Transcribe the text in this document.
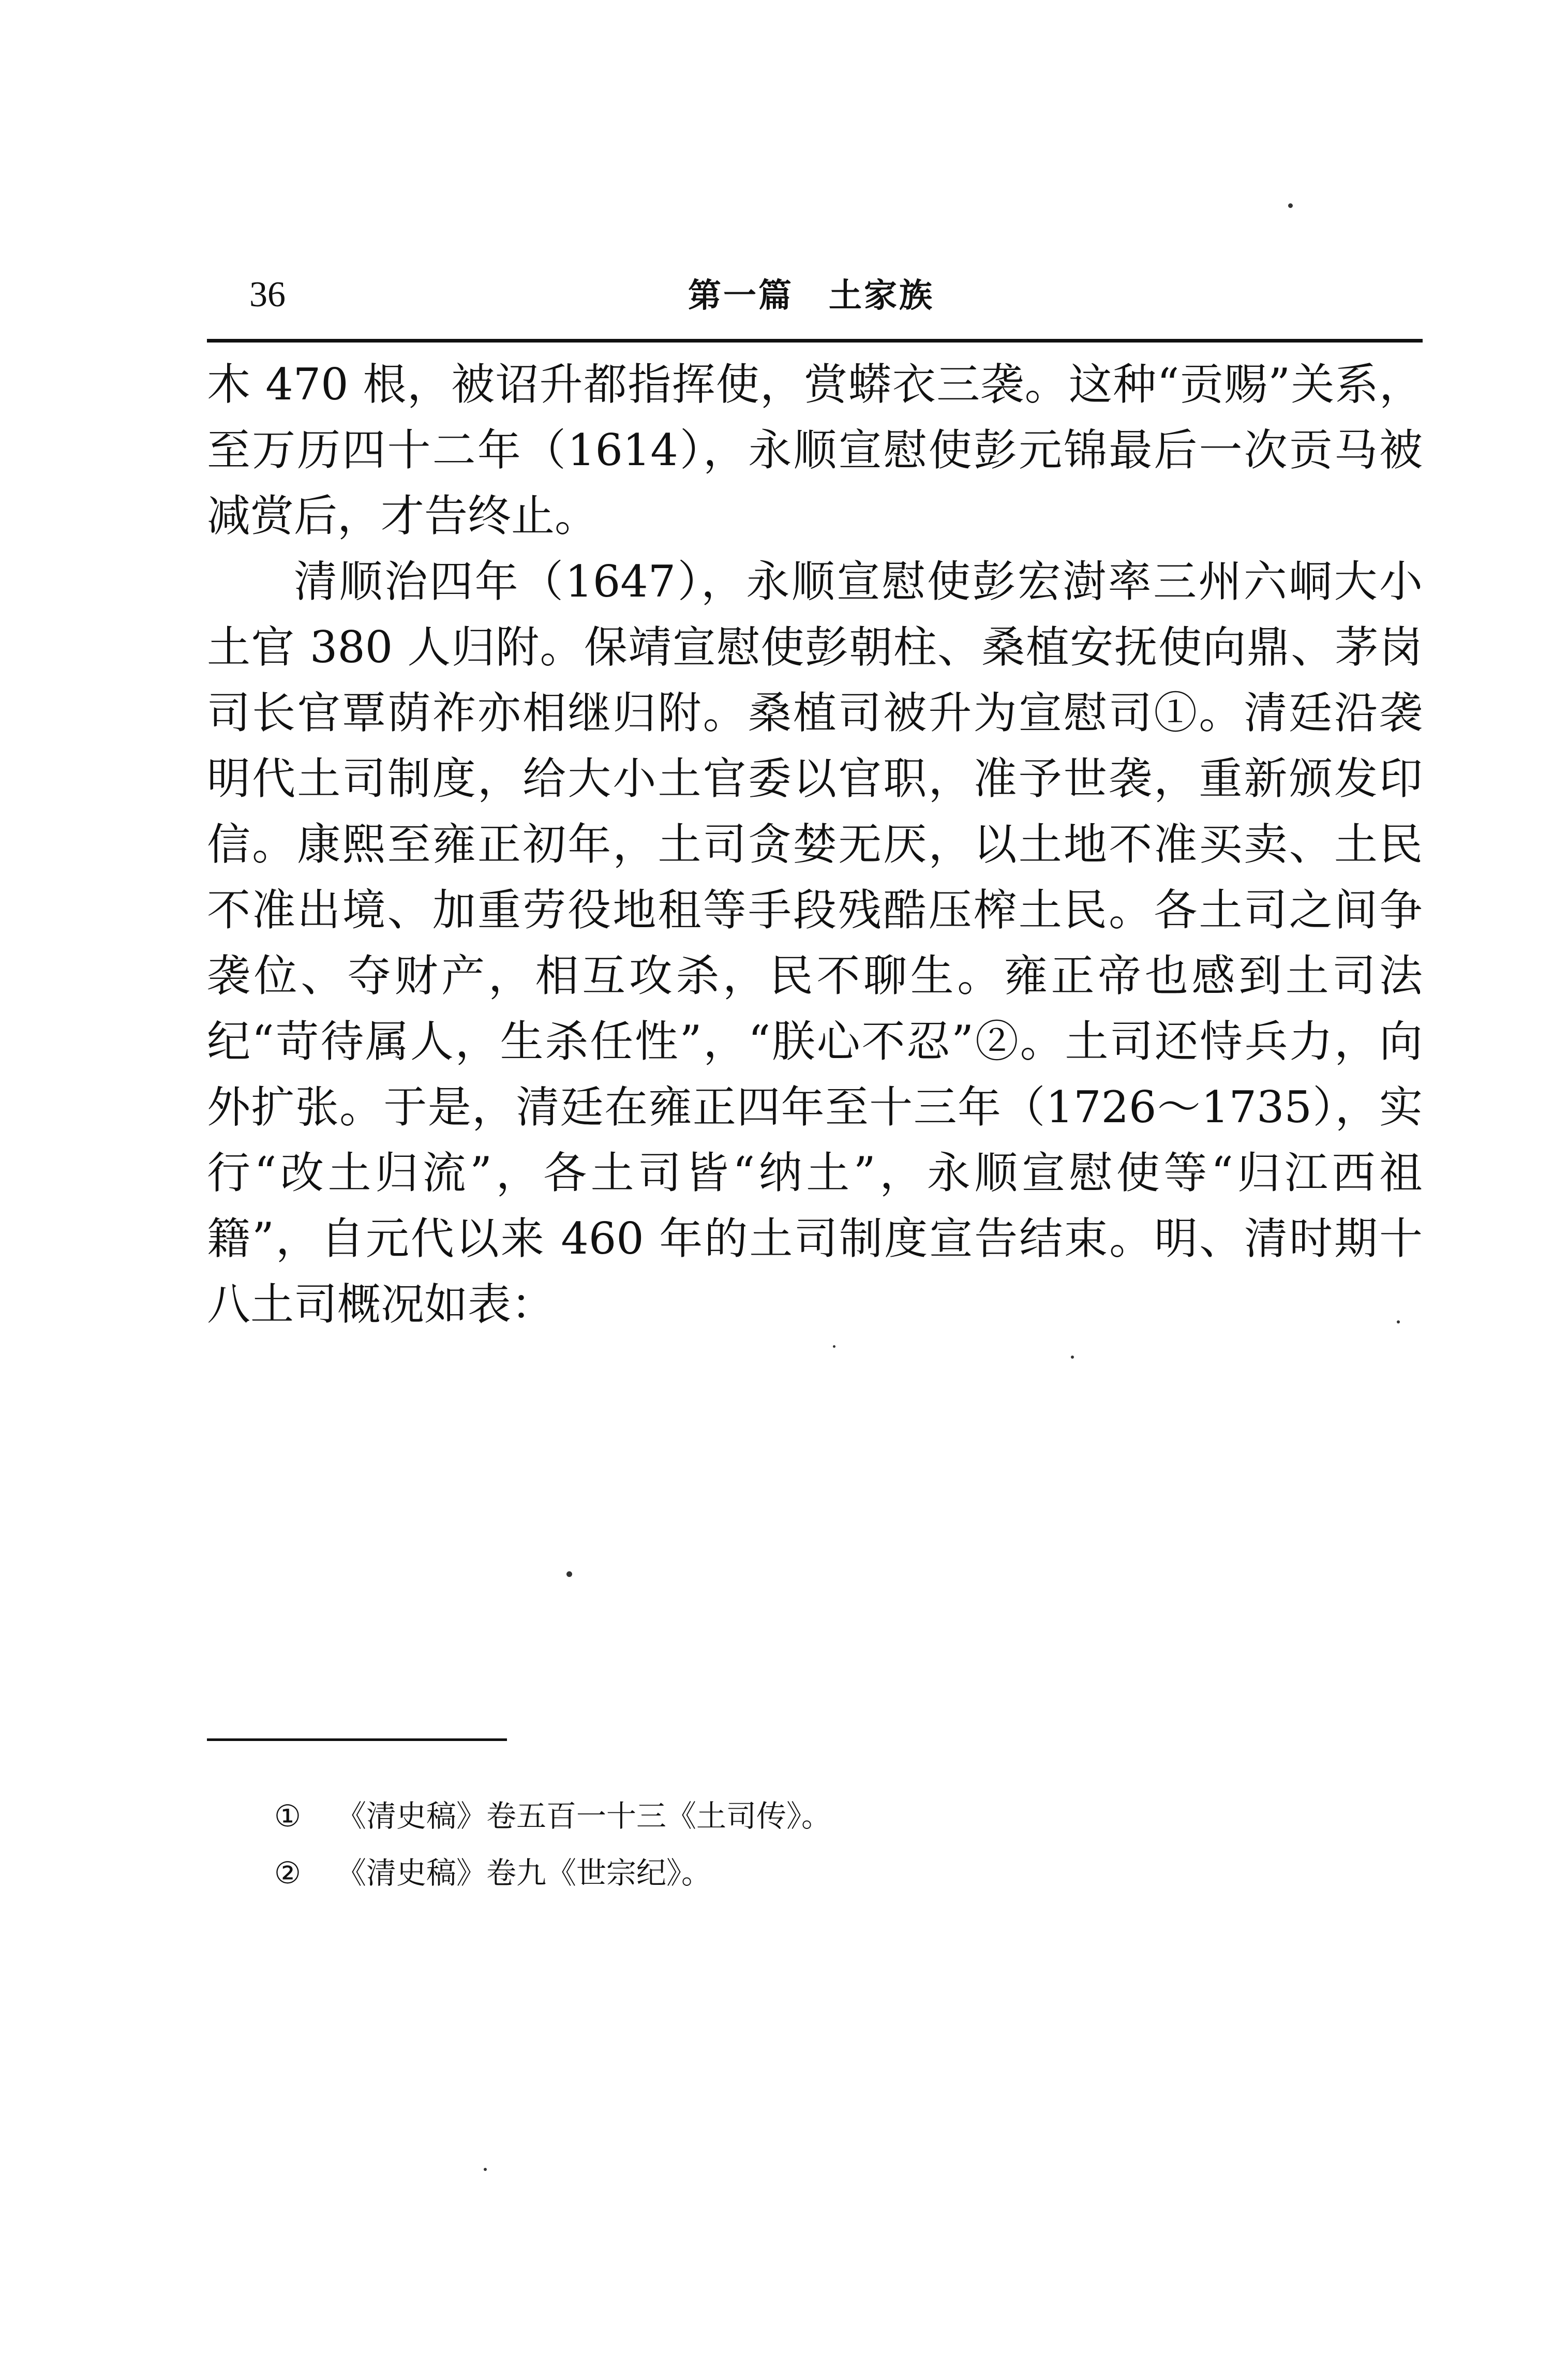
36	第一篇　土家族

木 470 根，被诏升都指挥使，赏蟒衣三袭。这种“贡赐”关系，至万历四十二年（1614），永顺宣慰使彭元锦最后一次贡马被减赏后，才告终止。

清顺治四年（1647），永顺宣慰使彭宏澍率三州六峒大小土官 380 人归附。保靖宣慰使彭朝柱、桑植安抚使向鼎、茅岗司长官覃荫祚亦相继归附。桑植司被升为宣慰司①。清廷沿袭明代土司制度，给大小土官委以官职，准予世袭，重新颁发印信。康熙至雍正初年，土司贪婪无厌，以土地不准买卖、土民不准出境、加重劳役地租等手段残酷压榨土民。各土司之间争袭位、夺财产，相互攻杀，民不聊生。雍正帝也感到土司法纪“苛待属人，生杀任性”，“朕心不忍”②。土司还恃兵力，向外扩张。于是，清廷在雍正四年至十三年（1726～1735），实行“改土归流”，各土司皆“纳土”，永顺宣慰使等“归江西祖籍”，自元代以来 460 年的土司制度宣告结束。明、清时期十八土司概况如表：

① 《清史稿》卷五百一十三《土司传》。
② 《清史稿》卷九《世宗纪》。
